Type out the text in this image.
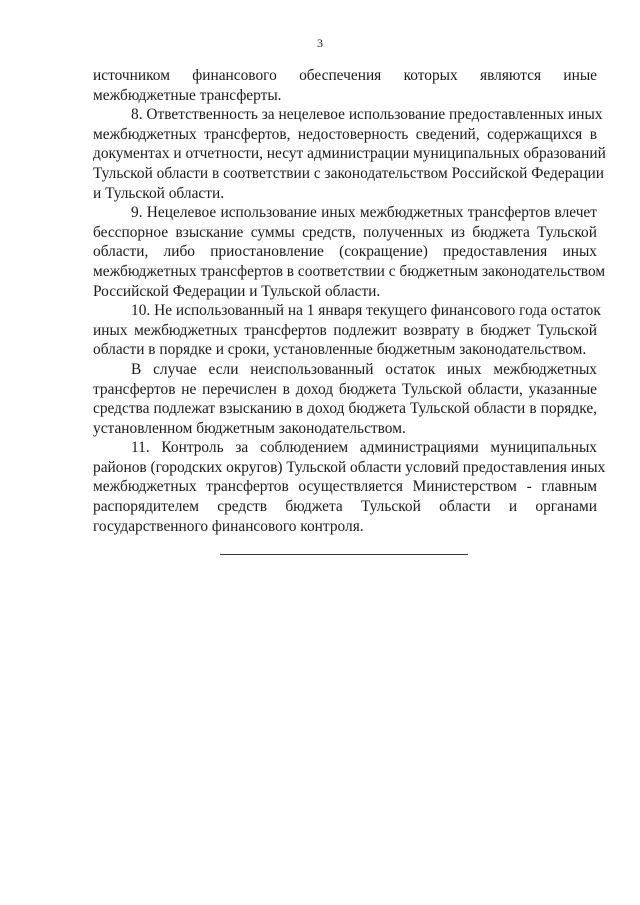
3
источником финансового обеспечения которых являются иные
межбюджетные трансферты.
8. Ответственность за нецелевое использование предоставленных иных
межбюджетных трансфертов, недостоверность сведений, содержащихся в
документах и отчетности, несут администрации муниципальных образований
Тульской области в соответствии с законодательством Российской Федерации
и Тульской области.
9. Нецелевое использование иных межбюджетных трансфертов влечет
бесспорное взыскание суммы средств, полученных из бюджета Тульской
области, либо приостановление (сокращение) предоставления иных
межбюджетных трансфертов в соответствии с бюджетным законодательством
Российской Федерации и Тульской области.
10. Не использованный на 1 января текущего финансового года остаток
иных межбюджетных трансфертов подлежит возврату в бюджет Тульской
области в порядке и сроки, установленные бюджетным законодательством.
В случае если неиспользованный остаток иных межбюджетных
трансфертов не перечислен в доход бюджета Тульской области, указанные
средства подлежат взысканию в доход бюджета Тульской области в порядке,
установленном бюджетным законодательством.
11. Контроль за соблюдением администрациями муниципальных
районов (городских округов) Тульской области условий предоставления иных
межбюджетных трансфертов осуществляется Министерством - главным
распорядителем средств бюджета Тульской области и органами
государственного финансового контроля.
